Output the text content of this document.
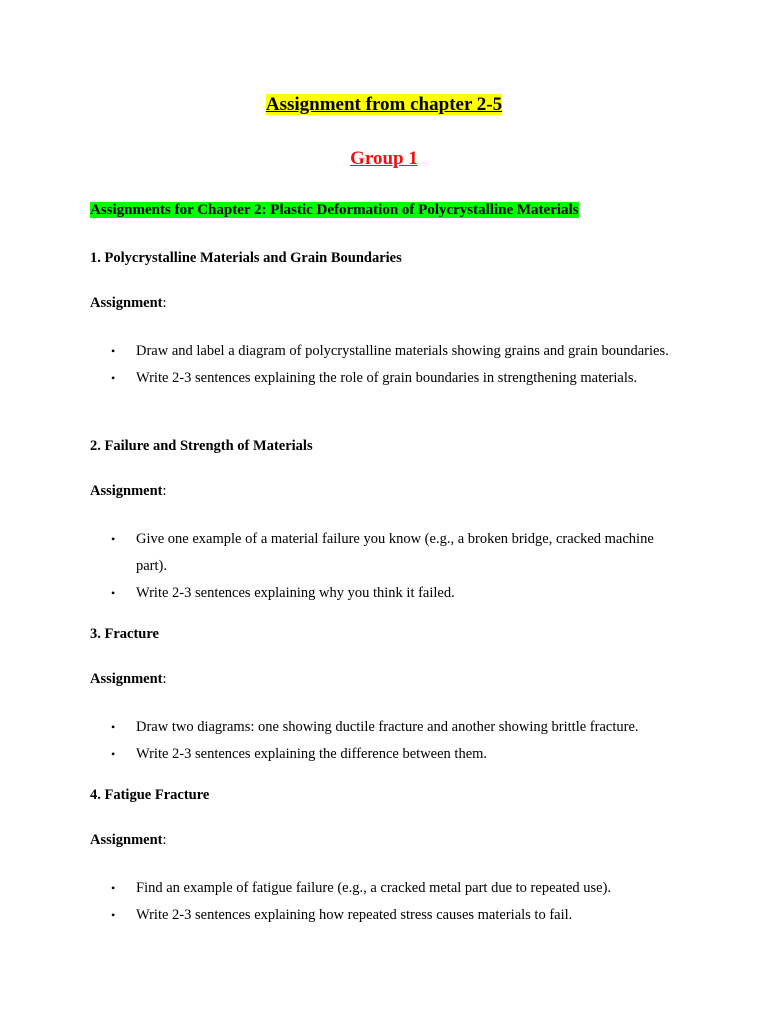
Assignment from chapter 2-5
Group 1
Assignments for Chapter 2: Plastic Deformation of Polycrystalline Materials

1. Polycrystalline Materials and Grain Boundaries

Assignment:

• Draw and label a diagram of polycrystalline materials showing grains and grain boundaries.
• Write 2-3 sentences explaining the role of grain boundaries in strengthening materials.

2. Failure and Strength of Materials

Assignment:

• Give one example of a material failure you know (e.g., a broken bridge, cracked machine part).
• Write 2-3 sentences explaining why you think it failed.

3. Fracture

Assignment:

• Draw two diagrams: one showing ductile fracture and another showing brittle fracture.
• Write 2-3 sentences explaining the difference between them.

4. Fatigue Fracture

Assignment:

• Find an example of fatigue failure (e.g., a cracked metal part due to repeated use).
• Write 2-3 sentences explaining how repeated stress causes materials to fail.
